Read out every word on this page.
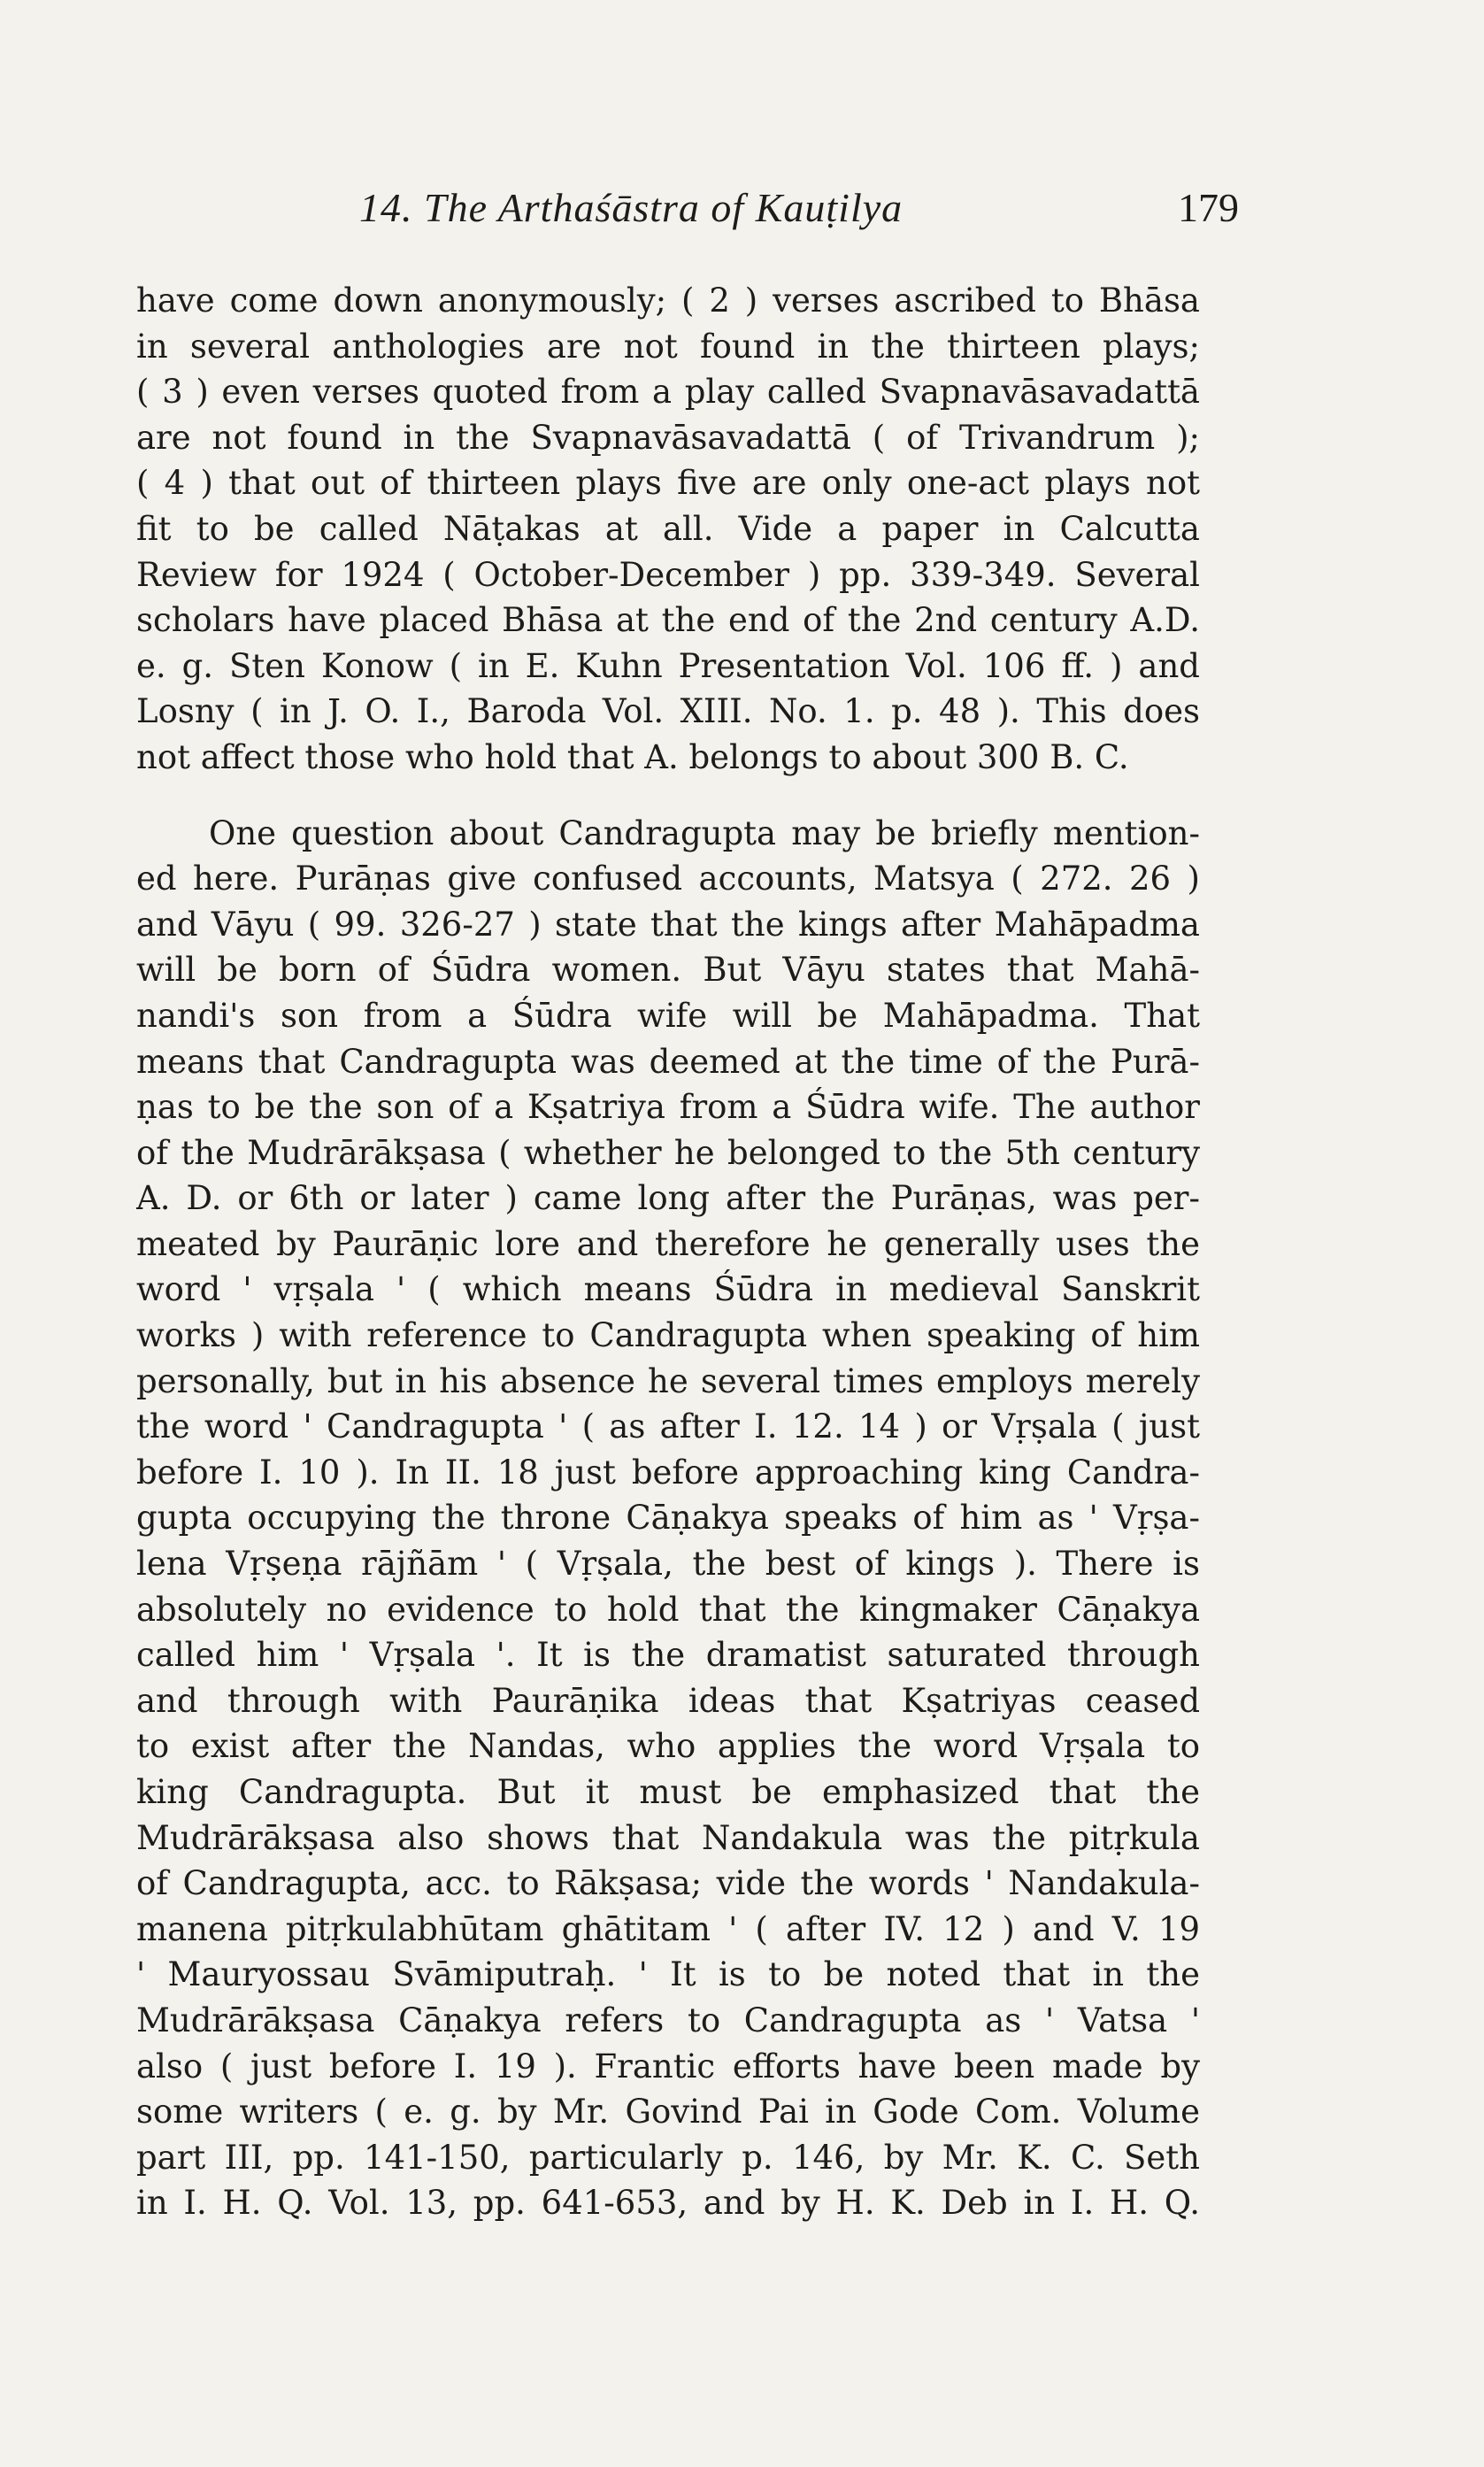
14. The Arthaśāstra of Kauṭilya	179
have come down anonymously; ( 2 ) verses ascribed to Bhāsa
in several anthologies are not found in the thirteen plays;
( 3 ) even verses quoted from a play called Svapnavāsavadattā
are not found in the Svapnavāsavadattā ( of Trivandrum );
( 4 ) that out of thirteen plays five are only one-act plays not
fit to be called Nāṭakas at all. Vide a paper in Calcutta
Review for 1924 ( October-December ) pp. 339-349. Several
scholars have placed Bhāsa at the end of the 2nd century A.D.
e. g. Sten Konow ( in E. Kuhn Presentation Vol. 106 ff. ) and
Losny ( in J. O. I., Baroda Vol. XIII. No. 1. p. 48 ). This does
not affect those who hold that A. belongs to about 300 B. C.
One question about Candragupta may be briefly mention-
ed here. Purāṇas give confused accounts, Matsya ( 272. 26 )
and Vāyu ( 99. 326-27 ) state that the kings after Mahāpadma
will be born of Śūdra women. But Vāyu states that Mahā-
nandi's son from a Śūdra wife will be Mahāpadma. That
means that Candragupta was deemed at the time of the Purā-
ṇas to be the son of a Kṣatriya from a Śūdra wife. The author
of the Mudrārākṣasa ( whether he belonged to the 5th century
A. D. or 6th or later ) came long after the Purāṇas, was per-
meated by Paurāṇic lore and therefore he generally uses the
word ' vṛṣala ' ( which means Śūdra in medieval Sanskrit
works ) with reference to Candragupta when speaking of him
personally, but in his absence he several times employs merely
the word ' Candragupta ' ( as after I. 12. 14 ) or Vṛṣala ( just
before I. 10 ). In II. 18 just before approaching king Candra-
gupta occupying the throne Cāṇakya speaks of him as ' Vṛṣa-
lena Vṛṣeṇa rājñām ' ( Vṛṣala, the best of kings ). There is
absolutely no evidence to hold that the kingmaker Cāṇakya
called him ' Vṛṣala '. It is the dramatist saturated through
and through with Paurāṇika ideas that Kṣatriyas ceased
to exist after the Nandas, who applies the word Vṛṣala to
king Candragupta. But it must be emphasized that the
Mudrārākṣasa also shows that Nandakula was the pitṛkula
of Candragupta, acc. to Rākṣasa; vide the words ' Nandakula-
manena pitṛkulabhūtam ghātitam ' ( after IV. 12 ) and V. 19
' Mauryossau Svāmiputraḥ. ' It is to be noted that in the
Mudrārākṣasa Cāṇakya refers to Candragupta as ' Vatsa '
also ( just before I. 19 ). Frantic efforts have been made by
some writers ( e. g. by Mr. Govind Pai in Gode Com. Volume
part III, pp. 141-150, particularly p. 146, by Mr. K. C. Seth
in I. H. Q. Vol. 13, pp. 641-653, and by H. K. Deb in I. H. Q.
